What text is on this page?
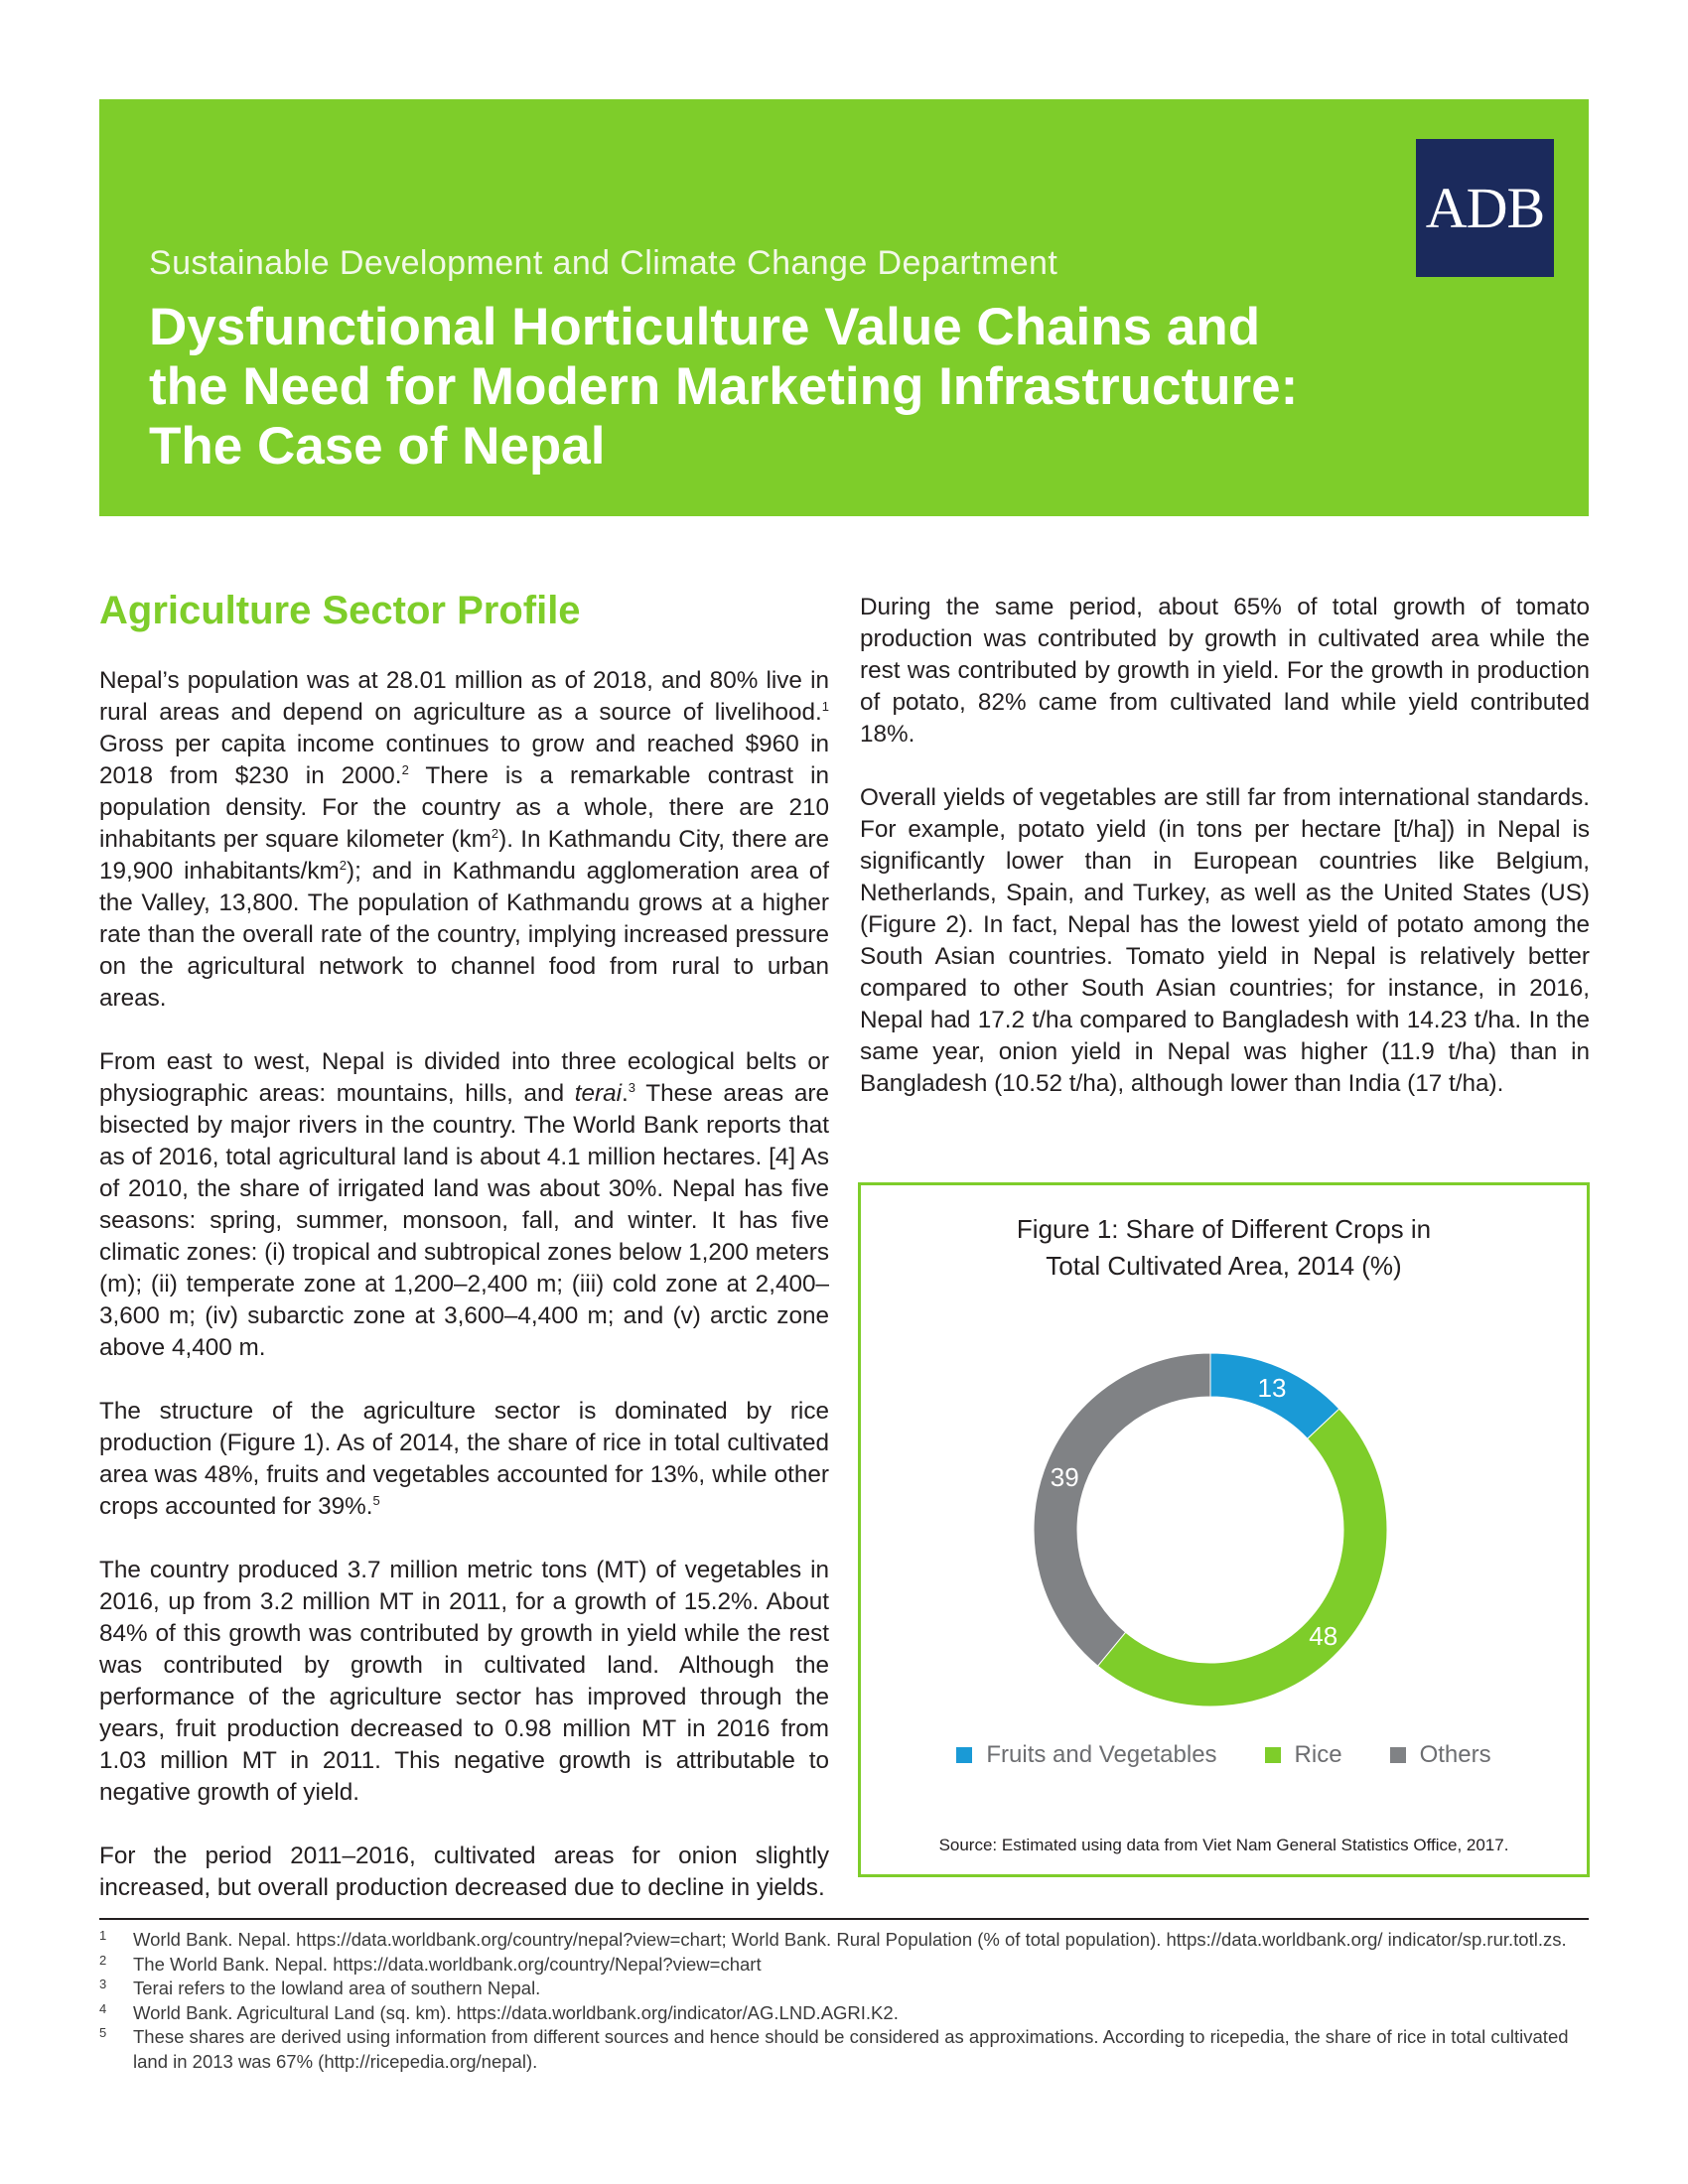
ADB
Sustainable Development and Climate Change Department
Dysfunctional Horticulture Value Chains and
the Need for Modern Marketing Infrastructure:
The Case of Nepal
Agriculture Sector Profile

Nepal’s population was at 28.01 million as of 2018, and 80% live in rural areas and depend on agriculture as a source of livelihood.$^1$ Gross per capita income continues to grow and reached $960 in 2018 from $230 in 2000.$^2$ There is a remarkable contrast in population density. For the country as a whole, there are 210 inhabitants per square kilometer $(km^2)$. In Kathmandu City, there are 19,900 inhabitants/$km^2$); and in Kathmandu agglomeration area of the Valley, 13,800. The population of Kathmandu grows at a higher rate than the overall rate of the country, implying increased pressure on the agricultural network to channel food from rural to urban areas.

From east to west, Nepal is divided into three ecological belts or physiographic areas: mountains, hills, and terai.$^3$ These areas are bisected by major rivers in the country. The World Bank reports that as of 2016, total agricultural land is about 4.1 million hectares. [4] As of 2010, the share of irrigated land was about 30%. Nepal has five seasons: spring, summer, monsoon, fall, and winter. It has five climatic zones: (i) tropical and subtropical zones below 1,200 meters (m); (ii) temperate zone at 1,200–2,400 m; (iii) cold zone at 2,400–3,600 m; (iv) subarctic zone at 3,600–4,400 m; and (v) arctic zone above 4,400 m.

The structure of the agriculture sector is dominated by rice production (Figure 1). As of 2014, the share of rice in total cultivated area was 48%, fruits and vegetables accounted for 13%, while other crops accounted for 39%.$^5$

The country produced 3.7 million metric tons (MT) of vegetables in 2016, up from 3.2 million MT in 2011, for a growth of 15.2%. About 84% of this growth was contributed by growth in yield while the rest was contributed by growth in cultivated land. Although the performance of the agriculture sector has improved through the years, fruit production decreased to 0.98 million MT in 2016 from 1.03 million MT in 2011. This negative growth is attributable to negative growth of yield.

For the period 2011–2016, cultivated areas for onion slightly increased, but overall production decreased due to decline in yields.

During the same period, about 65% of total growth of tomato production was contributed by growth in cultivated area while the rest was contributed by growth in yield. For the growth in production of potato, 82% came from cultivated land while yield contributed 18%.

Overall yields of vegetables are still far from international standards. For example, potato yield (in tons per hectare [t/ha]) in Nepal is significantly lower than in European countries like Belgium, Netherlands, Spain, and Turkey, as well as the United States (US) (Figure 2). In fact, Nepal has the lowest yield of potato among the South Asian countries. Tomato yield in Nepal is relatively better compared to other South Asian countries; for instance, in 2016, Nepal had 17.2 t/ha compared to Bangladesh with 14.23 t/ha. In the same year, onion yield in Nepal was higher (11.9 t/ha) than in Bangladesh (10.52 t/ha), although lower than India (17 t/ha).

Figure 1: Share of Different Crops in
Total Cultivated Area, 2014 (%)
13
48
39
Fruits and Vegetables	Rice	Others
Source: Estimated using data from Viet Nam General Statistics Office, 2017.
1 World Bank. Nepal. https://data.worldbank.org/country/nepal?view=chart; World Bank. Rural Population (% of total population). https://data.worldbank.org/ indicator/sp.rur.totl.zs.
2 The World Bank. Nepal. https://data.worldbank.org/country/Nepal?view=chart
3 Terai refers to the lowland area of southern Nepal.
4 World Bank. Agricultural Land (sq. km). https://data.worldbank.org/indicator/AG.LND.AGRI.K2.
5 These shares are derived using information from different sources and hence should be considered as approximations. According to ricepedia, the share of rice in total cultivated land in 2013 was 67% (http://ricepedia.org/nepal).
